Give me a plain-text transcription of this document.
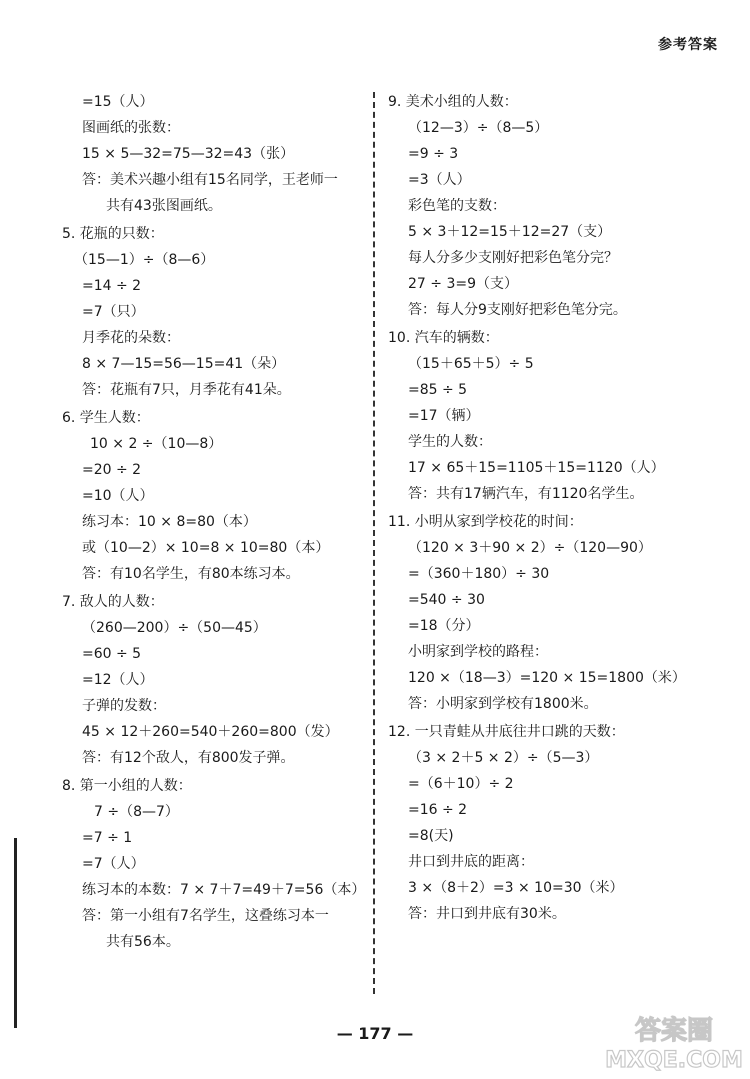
参考答案
=15（人）
图画纸的张数：
15 × 5—32=75—32=43（张）
答：美术兴趣小组有15名同学，王老师一
共有43张图画纸。
5. 花瓶的只数：
（15—1）÷（8—6）
=14 ÷ 2
=7（只）
月季花的朵数：
8 × 7—15=56—15=41（朵）
答：花瓶有7只，月季花有41朵。
6. 学生人数：
10 × 2 ÷（10—8）
=20 ÷ 2
=10（人）
练习本：10 × 8=80（本）
或（10—2）× 10=8 × 10=80（本）
答：有10名学生，有80本练习本。
7. 敌人的人数：
（260—200）÷（50—45）
=60 ÷ 5
=12（人）
子弹的发数：
45 × 12＋260=540＋260=800（发）
答：有12个敌人，有800发子弹。
8. 第一小组的人数：
7 ÷（8—7）
=7 ÷ 1
=7（人）
练习本的本数：7 × 7＋7=49＋7=56（本）
答：第一小组有7名学生，这叠练习本一
共有56本。
9. 美术小组的人数：
（12—3）÷（8—5）
=9 ÷ 3
=3（人）
彩色笔的支数：
5 × 3＋12=15＋12=27（支）
每人分多少支刚好把彩色笔分完？
27 ÷ 3=9（支）
答：每人分9支刚好把彩色笔分完。
10. 汽车的辆数：
（15＋65＋5）÷ 5
=85 ÷ 5
=17（辆）
学生的人数：
17 × 65＋15=1105＋15=1120（人）
答：共有17辆汽车，有1120名学生。
11. 小明从家到学校花的时间：
（120 × 3＋90 × 2）÷（120—90）
=（360＋180）÷ 30
=540 ÷ 30
=18（分）
小明家到学校的路程：
120 ×（18—3）=120 × 15=1800（米）
答：小明家到学校有1800米。
12. 一只青蛙从井底往井口跳的天数：
（3 × 2＋5 × 2）÷（5—3）
=（6＋10）÷ 2
=16 ÷ 2
=8(天)
井口到井底的距离：
3 ×（8＋2）=3 × 10=30（米）
答：井口到井底有30米。
— 177 —	答案圈
MXQE.COM
